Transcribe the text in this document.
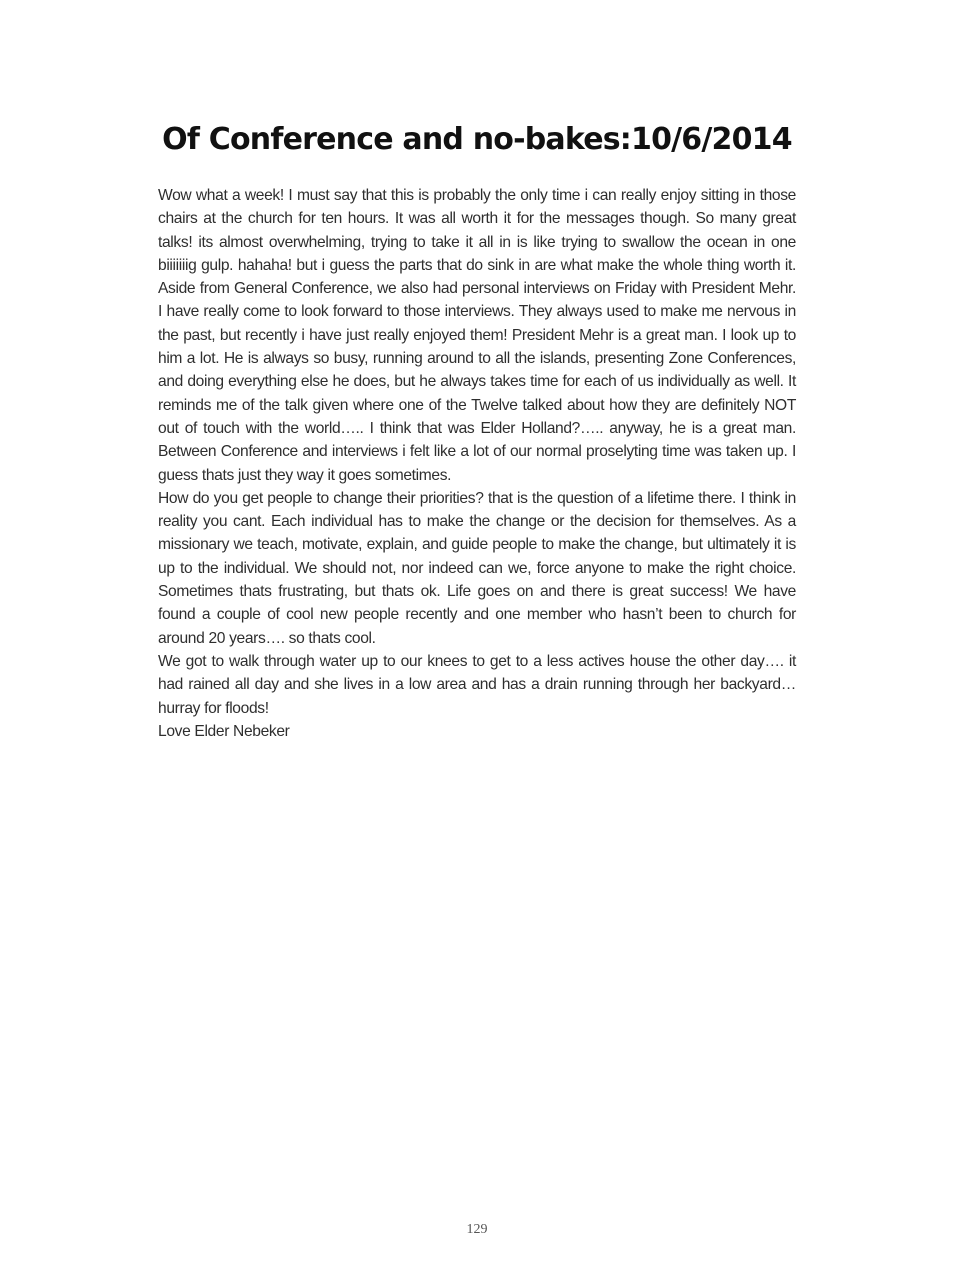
Of Conference and no-bakes:10/6/2014

Wow what a week! I must say that this is probably the only time i can really enjoy sitting in those chairs at the church for ten hours. It was all worth it for the messages though. So many great talks! its almost overwhelming, trying to take it all in is like trying to swallow the ocean in one biiiiiiig gulp. hahaha! but i guess the parts that do sink in are what make the whole thing worth it. Aside from General Conference, we also had personal interviews on Friday with President Mehr. I have really come to look forward to those interviews. They always used to make me nervous in the past, but recently i have just really enjoyed them! President Mehr is a great man. I look up to him a lot. He is always so busy, running around to all the islands, presenting Zone Conferences, and doing everything else he does, but he always takes time for each of us individually as well. It reminds me of the talk given where one of the Twelve talked about how they are definitely NOT out of touch with the world….. I think that was Elder Holland?….. anyway, he is a great man. Between Conference and interviews i felt like a lot of our normal proselyting time was taken up. I guess thats just they way it goes sometimes.

How do you get people to change their priorities? that is the question of a lifetime there. I think in reality you cant. Each individual has to make the change or the decision for themselves. As a missionary we teach, motivate, explain, and guide people to make the change, but ultimately it is up to the individual. We should not, nor indeed can we, force anyone to make the right choice. Sometimes thats frustrating, but thats ok. Life goes on and there is great success! We have found a couple of cool new people recently and one member who hasn’t been to church for around 20 years…. so thats cool.

We got to walk through water up to our knees to get to a less actives house the other day…. it had rained all day and she lives in a low area and has a drain running through her backyard… hurray for floods!

Love Elder Nebeker

129
